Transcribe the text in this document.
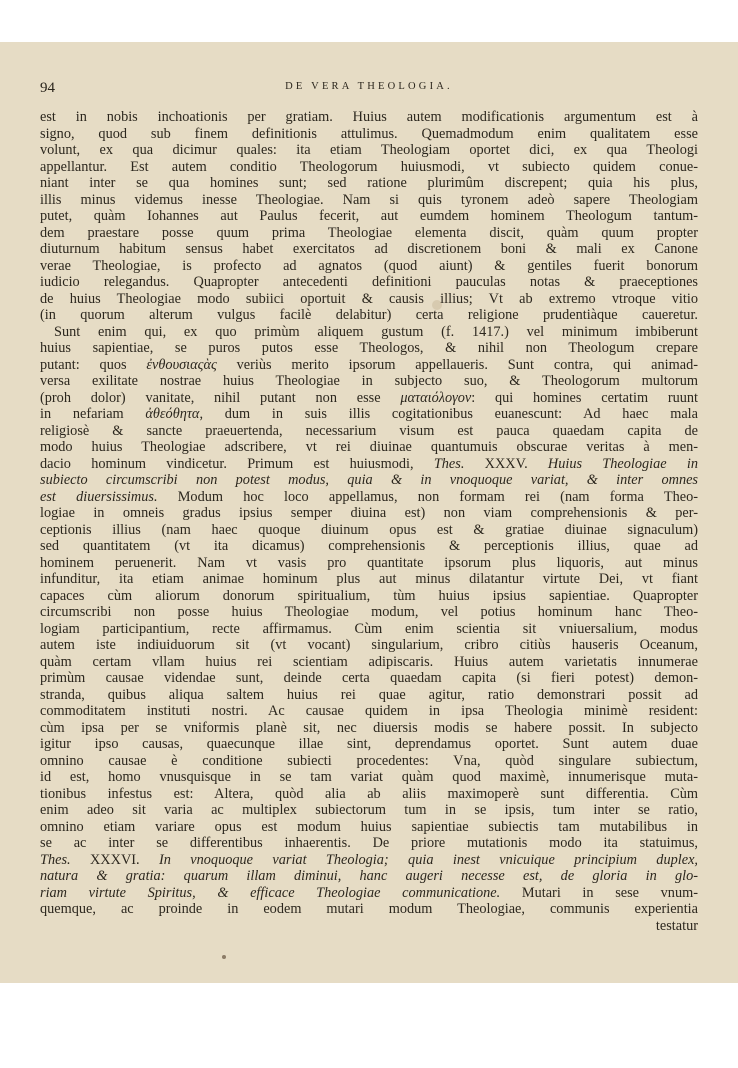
94	DE VERA THEOLOGIA.
est in nobis inchoationis per gratiam. Huius autem modificationis argumentum est à
signo, quod sub finem definitionis attulimus. Quemadmodum enim qualitatem esse
volunt, ex qua dicimur quales: ita etiam Theologiam oportet dici, ex qua Theologi
appellantur. Est autem conditio Theologorum huiusmodi, vt subiecto quidem conue-
niant inter se qua homines sunt; sed ratione plurimûm discrepent; quia his plus,
illis minus videmus inesse Theologiae. Nam si quis tyronem adeò sapere Theologiam
putet, quàm Iohannes aut Paulus fecerit, aut eumdem hominem Theologum tantum-
dem praestare posse quum prima Theologiae elementa discit, quàm quum propter
diuturnum habitum sensus habet exercitatos ad discretionem boni & mali ex Canone
verae Theologiae, is profecto ad agnatos (quod aiunt) & gentiles fuerit bonorum
iudicio relegandus. Quapropter antecedenti definitioni pauculas notas & praeceptiones
de huius Theologiae modo subiici oportuit & causis illius; Vt ab extremo vtroque vitio
(in quorum alterum vulgus facilè delabitur) certa religione prudentiàque caueretur.
Sunt enim qui, ex quo primùm aliquem gustum (f. 1417.) vel minimum imbiberunt
huius sapientiae, se puros putos esse Theologos, & nihil non Theologum crepare
putant: quos ἐνθουσιαςὰς veriùs merito ipsorum appellaueris. Sunt contra, qui animad-
versa exilitate nostrae huius Theologiae in subjecto suo, & Theologorum multorum
(proh dolor) vanitate, nihil putant non esse ματαιόλογον: qui homines certatim ruunt
in nefariam ἀθεόθητα, dum in suis illis cogitationibus euanescunt: Ad haec mala
religiosè & sancte praeuertenda, necessarium visum est pauca quaedam capita de
modo huius Theologiae adscribere, vt rei diuinae quantumuis obscurae veritas à men-
dacio hominum vindicetur. Primum est huiusmodi, Thes. XXXV. Huius Theologiae in
subiecto circumscribi non potest modus, quia & in vnoquoque variat, & inter omnes
est diuersissimus. Modum hoc loco appellamus, non formam rei (nam forma Theo-
logiae in omneis gradus ipsius semper diuina est) non viam comprehensionis & per-
ceptionis illius (nam haec quoque diuinum opus est & gratiae diuinae signaculum)
sed quantitatem (vt ita dicamus) comprehensionis & perceptionis illius, quae ad
hominem peruenerit. Nam vt vasis pro quantitate ipsorum plus liquoris, aut minus
infunditur, ita etiam animae hominum plus aut minus dilatantur virtute Dei, vt fiant
capaces cùm aliorum donorum spiritualium, tùm huius ipsius sapientiae. Quapropter
circumscribi non posse huius Theologiae modum, vel potius hominum hanc Theo-
logiam participantium, recte affirmamus. Cùm enim scientia sit vniuersalium, modus
autem iste indiuiduorum sit (vt vocant) singularium, cribro citiùs hauseris Oceanum,
quàm certam vllam huius rei scientiam adipiscaris. Huius autem varietatis innumerae
primùm causae videndae sunt, deinde certa quaedam capita (si fieri potest) demon-
stranda, quibus aliqua saltem huius rei quae agitur, ratio demonstrari possit ad
commoditatem instituti nostri. Ac causae quidem in ipsa Theologia minimè resident:
cùm ipsa per se vniformis planè sit, nec diuersis modis se habere possit. In subjecto
igitur ipso causas, quaecunque illae sint, deprendamus oportet. Sunt autem duae
omnino causae è conditione subiecti procedentes: Vna, quòd singulare subiectum,
id est, homo vnusquisque in se tam variat quàm quod maximè, innumerisque muta-
tionibus infestus est: Altera, quòd alia ab aliis maximoperè sunt differentia. Cùm
enim adeo sit varia ac multiplex subiectorum tum in se ipsis, tum inter se ratio,
omnino etiam variare opus est modum huius sapientiae subiectis tam mutabilibus in
se ac inter se differentibus inhaerentis. De priore mutationis modo ita statuimus,
Thes. XXXVI. In vnoquoque variat Theologia; quia inest vnicuique principium duplex,
natura & gratia: quarum illam diminui, hanc augeri necesse est, de gloria in glo-
riam virtute Spiritus, & efficace Theologiae communicatione. Mutari in sese vnum-
quemque, ac proinde in eodem mutari modum Theologiae, communis experientia
testatur
